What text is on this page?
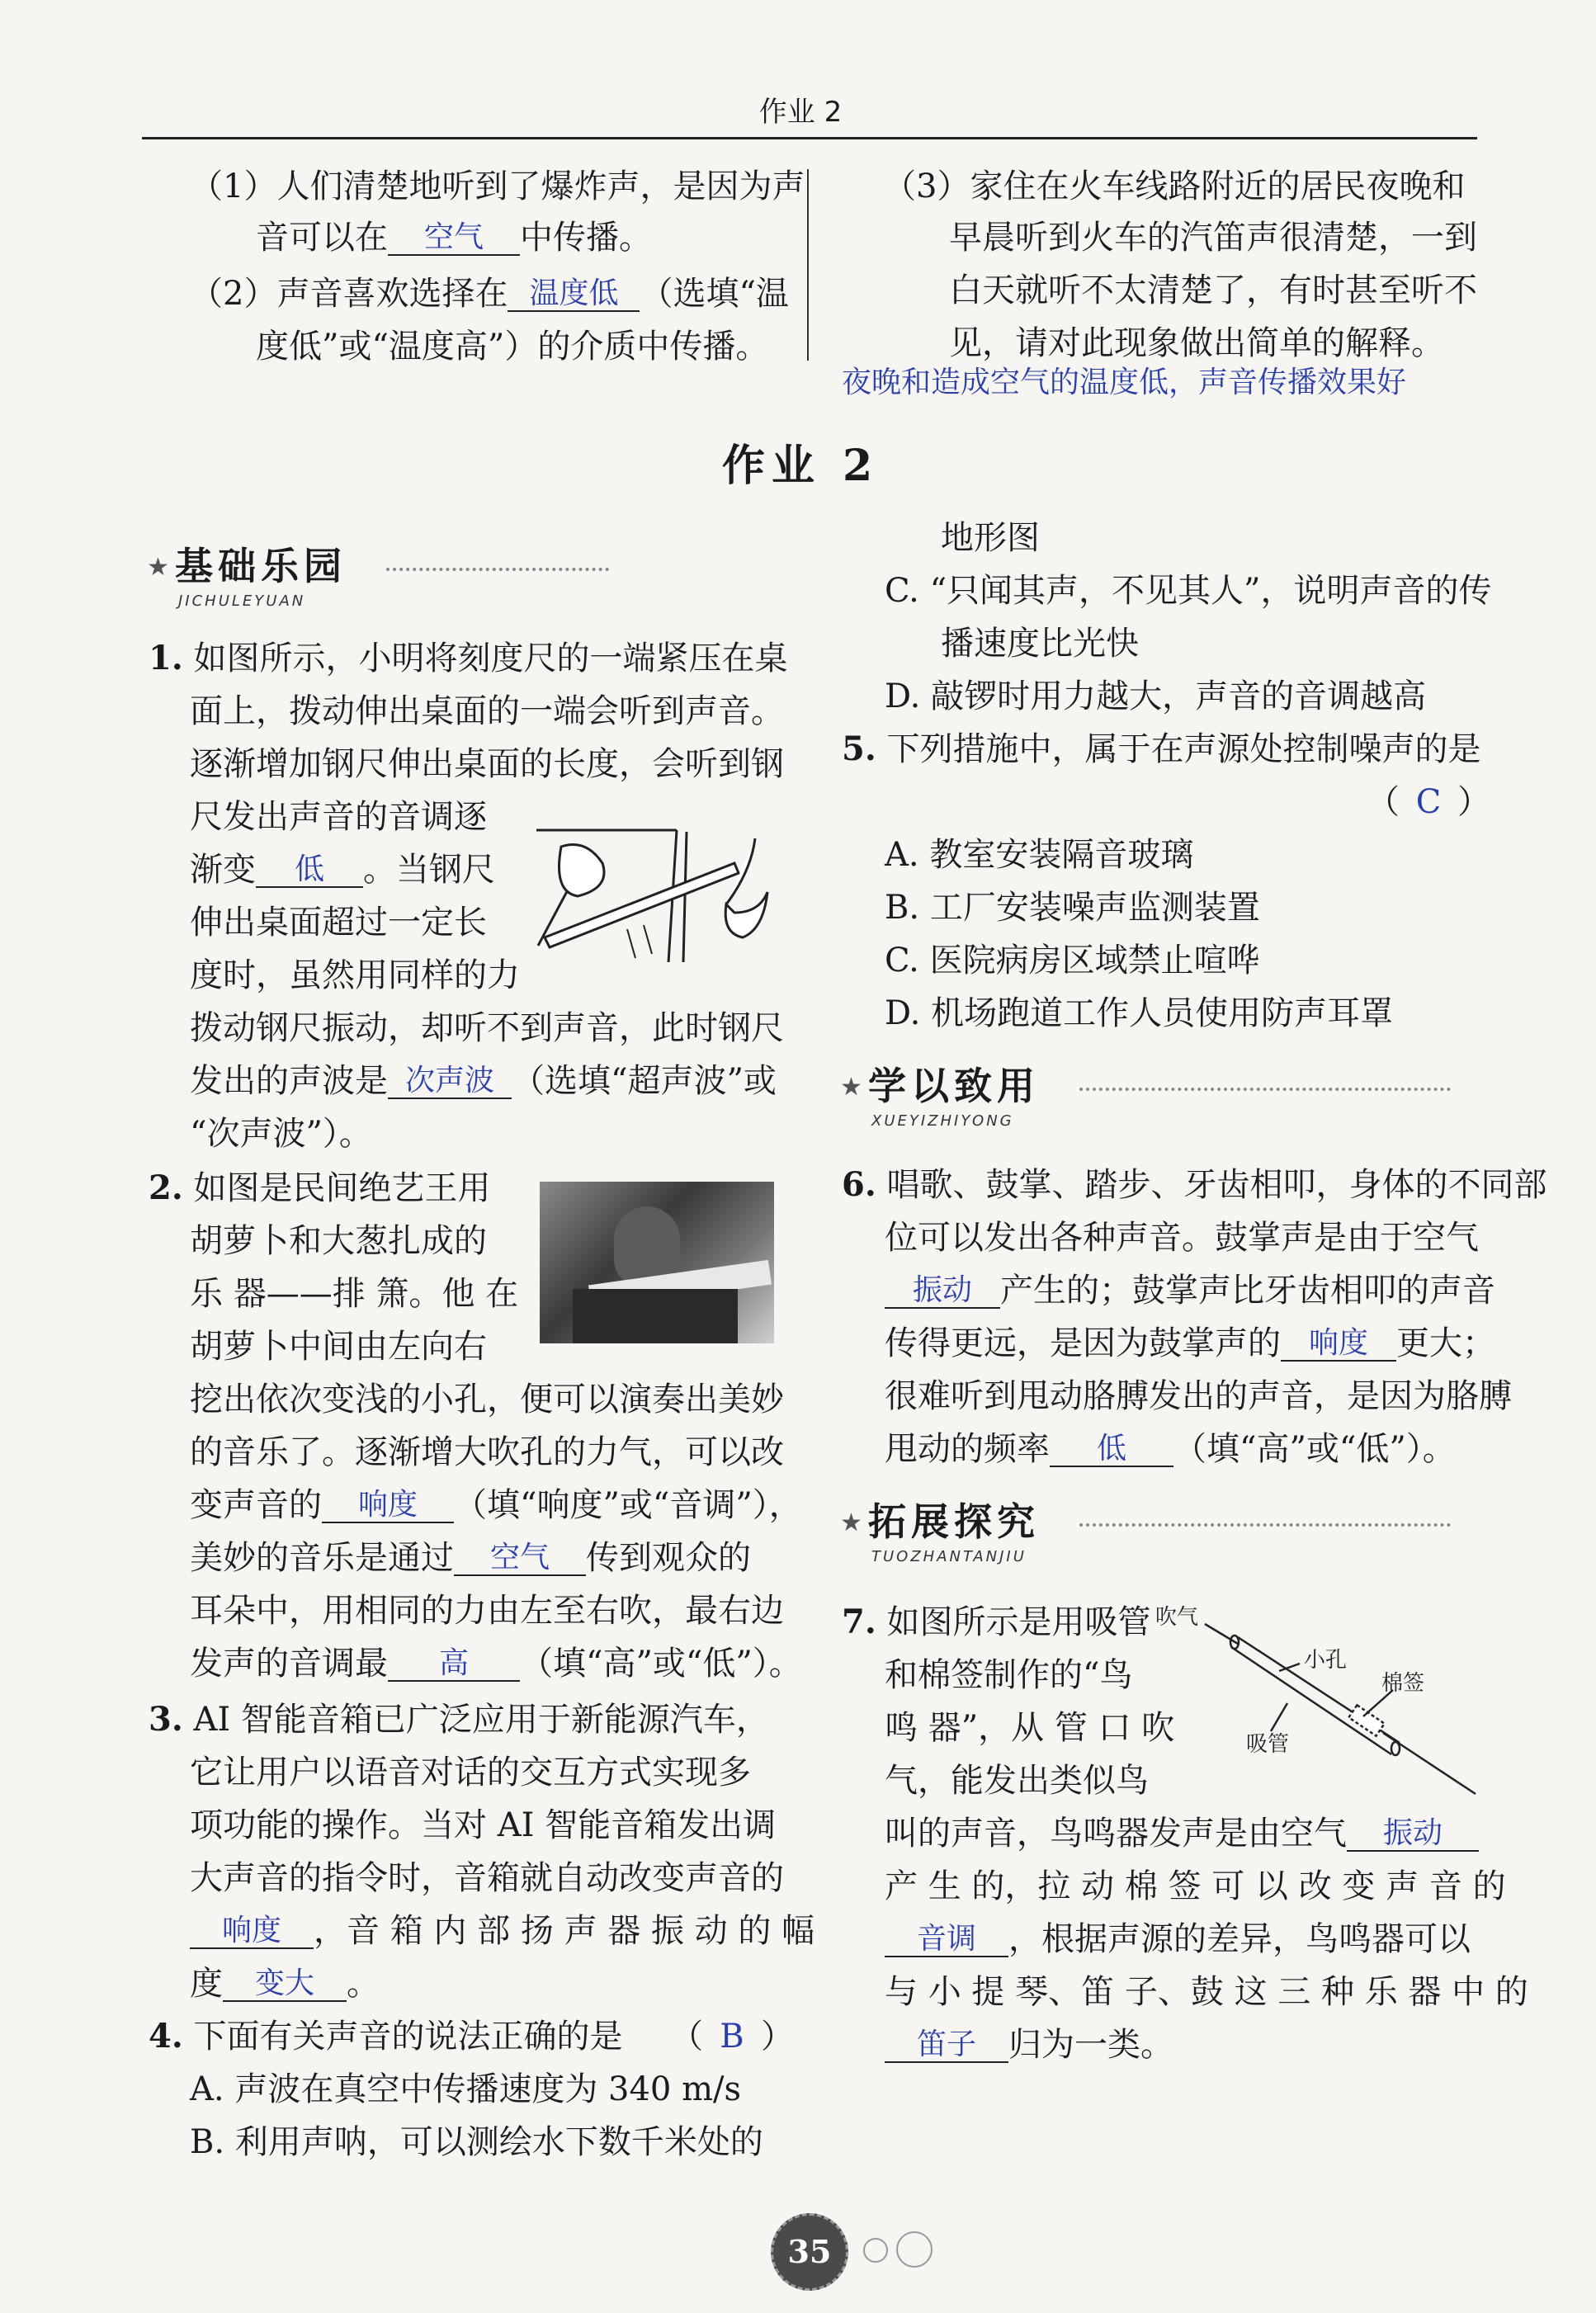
作业 2
（1）人们清楚地听到了爆炸声，是因为声
音可以在 空气 中传播。
（2）声音喜欢选择在 温度低 （选填“温
度低”或“温度高”）的介质中传播。
（3）家住在火车线路附近的居民夜晚和
早晨听到火车的汽笛声很清楚，一到
白天就听不太清楚了，有时甚至听不
见，请对此现象做出简单的解释。
夜晚和造成空气的温度低，声音传播效果好
作业 2
★ 基础乐园
JICHULEYUAN
1. 如图所示，小明将刻度尺的一端紧压在桌
面上，拨动伸出桌面的一端会听到声音。
逐渐增加钢尺伸出桌面的长度，会听到钢
尺发出声音的音调逐
渐变 低 。当钢尺
伸出桌面超过一定长
度时，虽然用同样的力
拨动钢尺振动，却听不到声音，此时钢尺
发出的声波是 次声波 （选填“超声波”或
“次声波”）。
2. 如图是民间绝艺王用
胡萝卜和大葱扎成的
乐 器——排 箫。他 在
胡萝卜中间由左向右
挖出依次变浅的小孔，便可以演奏出美妙
的音乐了。逐渐增大吹孔的力气，可以改
变声音的 响度 （填“响度”或“音调”），
美妙的音乐是通过 空气 传到观众的
耳朵中，用相同的力由左至右吹，最右边
发声的音调最 高 （填“高”或“低”）。
3. AI 智能音箱已广泛应用于新能源汽车，
它让用户以语音对话的交互方式实现多
项功能的操作。当对 AI 智能音箱发出调
大声音的指令时，音箱就自动改变声音的
响度 ，音 箱 内 部 扬 声 器 振 动 的 幅
度 变大 。
4. 下面有关声音的说法正确的是 （ B ）
A. 声波在真空中传播速度为 340 m/s
B. 利用声呐，可以测绘水下数千米处的
地形图
C. “只闻其声，不见其人”，说明声音的传
播速度比光快
D. 敲锣时用力越大，声音的音调越高
5. 下列措施中，属于在声源处控制噪声的是
（ C ）
A. 教室安装隔音玻璃
B. 工厂安装噪声监测装置
C. 医院病房区域禁止喧哗
D. 机场跑道工作人员使用防声耳罩
★ 学以致用
XUEYIZHIYONG
6. 唱歌、鼓掌、踏步、牙齿相叩，身体的不同部
位可以发出各种声音。鼓掌声是由于空气
振动 产生的；鼓掌声比牙齿相叩的声音
传得更远，是因为鼓掌声的 响度 更大；
很难听到甩动胳膊发出的声音，是因为胳膊
甩动的频率 低 （填“高”或“低”）。
★ 拓展探究
TUOZHANTANJIU
7. 如图所示是用吸管
和棉签制作的“鸟
鸣 器”，从 管 口 吹
气，能发出类似鸟
叫的声音，鸟鸣器发声是由空气 振动
产 生 的，拉 动 棉 签 可 以 改 变 声 音 的
音调 ，根据声源的差异，鸟鸣器可以
与 小 提 琴、笛 子、鼓 这 三 种 乐 器 中 的
笛子 归为一类。
吹气
小孔
棉签
吸管
35
